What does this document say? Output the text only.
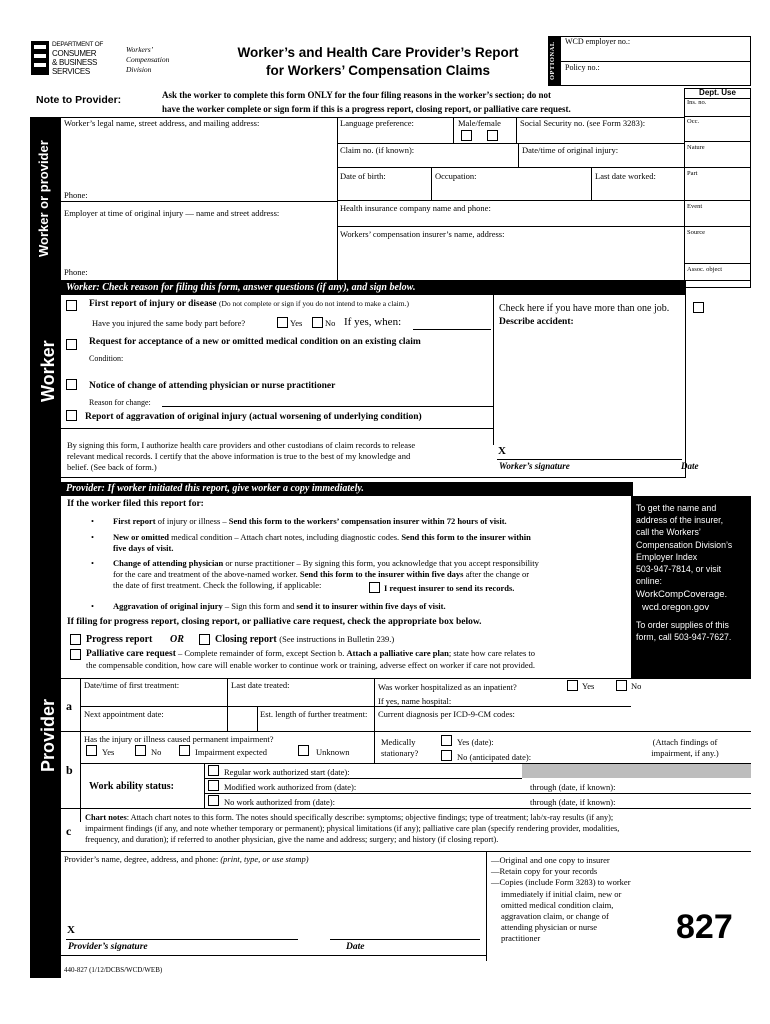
DEPARTMENT OF
CONSUMER
& BUSINESS
SERVICES
Workers’
Compensation
Division
Worker’s and Health Care Provider’s Report
for Workers’ Compensation Claims	OPTIONAL WCD employer no.:
Policy no.:
Note to Provider:	Ask the worker to complete this form ONLY for the four filing reasons in the worker’s section; do not
have the worker complete or sign form if this is a progress report, closing report, or palliative care request.
Dept. Use
Ins. no.
Occ.
Nature
Part
Event
Source
Assoc. object
Worker or provider
Worker’s legal name, street address, and mailing address:
Phone:
Employer at time of original injury — name and street address:
Phone:
Language preference:	Male/female Social Security no. (see Form 3283):
Claim no. (if known):	Date/time of original injury:
Date of birth:	Occupation:	Last date worked:
Health insurance company name and phone:
Workers’ compensation insurer’s name, address:
Worker
Worker: Check reason for filing this form, answer questions (if any), and sign below.
First report of injury or disease (Do not complete or sign if you do not intend to make a claim.)
Have you injured the same body part before?	Yes	No If yes, when:
Check here if you have more than one job.
Describe accident:
Request for acceptance of a new or omitted medical condition on an existing claim
Condition:
Notice of change of attending physician or nurse practitioner
Reason for change:
Report of aggravation of original injury (actual worsening of underlying condition)
By signing this form, I authorize health care providers and other custodians of claim records to release
relevant medical records. I certify that the above information is true to the best of my knowledge and
belief. (See back of form.)
X
Worker’s signature	Date
Provider
Provider: If worker initiated this report, give worker a copy immediately.
To get the name and
address of the insurer,
call the Workers’
Compensation Division’s
Employer Index
503-947-7814, or visit
online:
WorkCompCoverage.
wcd.oregon.gov
To order supplies of this
form, call 503-947-7627.
If the worker filed this report for:
• First report of injury or illness – Send this form to the workers’ compensation insurer within 72 hours of visit.
• New or omitted medical condition – Attach chart notes, including diagnostic codes. Send this form to the insurer within
five days of visit.
• Change of attending physician or nurse practitioner – By signing this form, you acknowledge that you accept responsibility
for the care and treatment of the above-named worker. Send this form to the insurer within five days after the change or
the date of first treatment. Check the following, if applicable:	I request insurer to send its records.
• Aggravation of original injury – Sign this form and send it to insurer within five days of visit.
If filing for progress report, closing report, or palliative care request, check the appropriate box below.
Progress report OR	Closing report (See instructions in Bulletin 239.)
Palliative care request – Complete remainder of form, except Section b. Attach a palliative care plan; state how care relates to
the compensable condition, how care will enable worker to continue work or training, adverse effect on worker if care not provided.
a
Date/time of first treatment:	Last date treated:	Was worker hospitalized as an inpatient?	Yes	No
If yes, name hospital:
Next appointment date:	Est. length of further treatment: Current diagnosis per ICD-9-CM codes:
b
Has the injury or illness caused permanent impairment?
Yes	No	Impairment expected	Unknown
Medically
stationary?
Yes (date):
No (anticipated date):
(Attach findings of
impairment, if any.)
Work ability status:
Regular work authorized start (date):
Modified work authorized from (date):	through (date, if known):
No work authorized from (date):	through (date, if known):
c
Chart notes: Attach chart notes to this form. The notes should specifically describe: symptoms; objective findings; type of treatment; lab/x-ray results (if any);
impairment findings (if any, and note whether temporary or permanent); physical limitations (if any); palliative care plan (specify rendering provider, modalities,
frequency, and duration); if referred to another physician, give the name and address; surgery; and history (if closing report).
Provider’s name, degree, address, and phone: (print, type, or use stamp)
X
Provider’s signature	Date
—Original and one copy to insurer
—Retain copy for your records
—Copies (include Form 3283) to worker
immediately if initial claim, new or
omitted medical condition claim,
aggravation claim, or change of
attending physician or nurse
practitioner	827
440-827 (1/12/DCBS/WCD/WEB)
